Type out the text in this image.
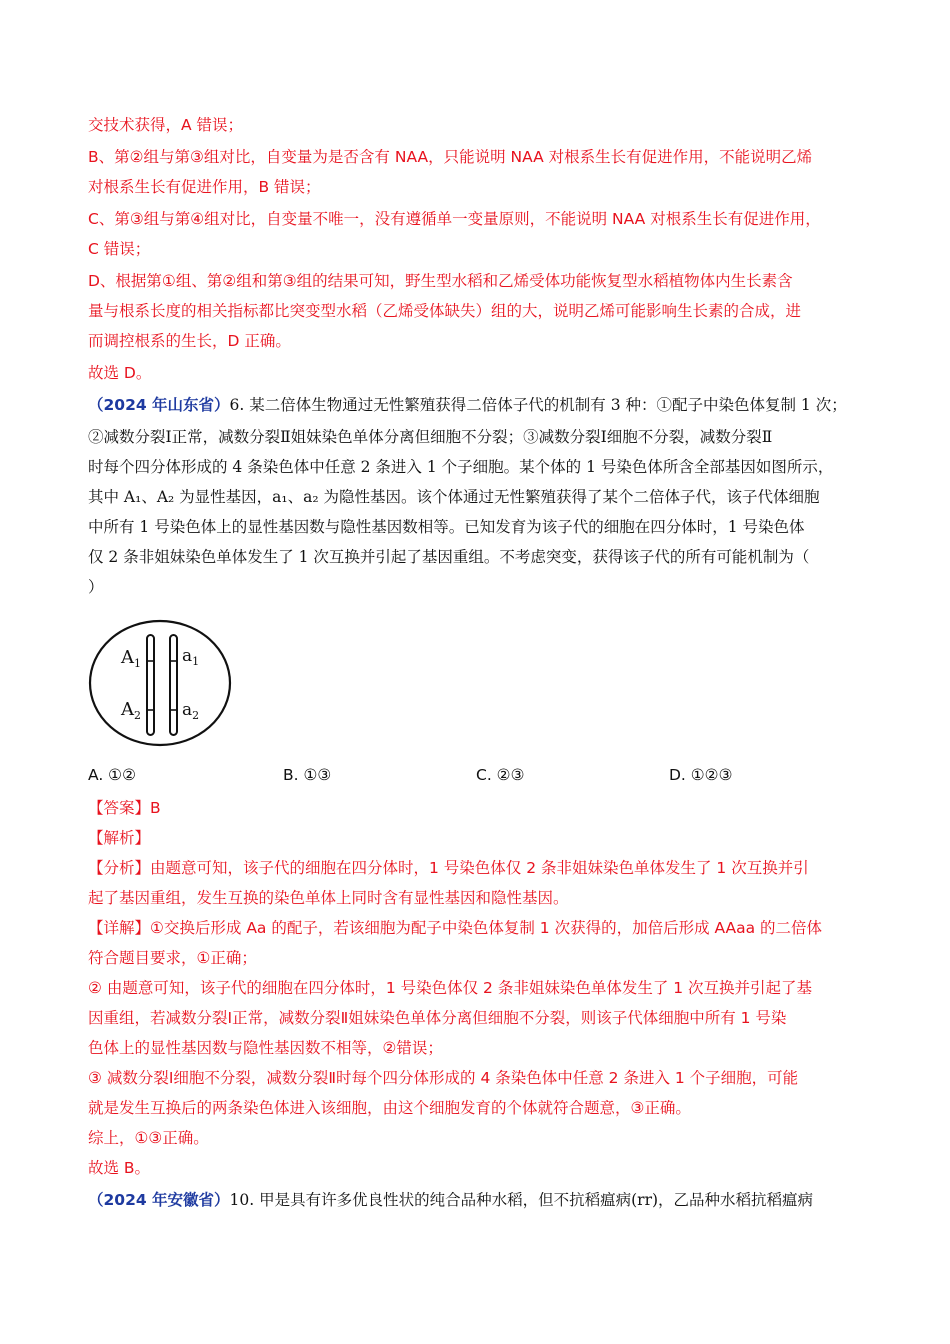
交技术获得，A 错误；
B、第②组与第③组对比，自变量为是否含有 NAA，只能说明 NAA 对根系生长有促进作用，不能说明乙烯
对根系生长有促进作用，B 错误；
C、第③组与第④组对比，自变量不唯一，没有遵循单一变量原则，不能说明 NAA 对根系生长有促进作用，
C 错误；
D、根据第①组、第②组和第③组的结果可知，野生型水稻和乙烯受体功能恢复型水稻植物体内生长素含
量与根系长度的相关指标都比突变型水稻（乙烯受体缺失）组的大，说明乙烯可能影响生长素的合成，进
而调控根系的生长，D 正确。
故选 D。
（2024 年山东省）6. 某二倍体生物通过无性繁殖获得二倍体子代的机制有 3 种：①配子中染色体复制 1 次；
②减数分裂Ⅰ正常，减数分裂Ⅱ姐妹染色单体分离但细胞不分裂；③减数分裂Ⅰ细胞不分裂，减数分裂Ⅱ
时每个四分体形成的 4 条染色体中任意 2 条进入 1 个子细胞。某个体的 1 号染色体所含全部基因如图所示，
其中 A₁、A₂ 为显性基因，a₁、a₂ 为隐性基因。该个体通过无性繁殖获得了某个二倍体子代，该子代体细胞
中所有 1 号染色体上的显性基因数与隐性基因数相等。已知发育为该子代的细胞在四分体时，1 号染色体
仅 2 条非姐妹染色单体发生了 1 次互换并引起了基因重组。不考虑突变，获得该子代的所有可能机制为（
）
$A_1$
$A_2$
$a_1$
$a_2$
A. ①②	B. ①③	C. ②③	D. ①②③
【答案】B
【解析】
【分析】由题意可知，该子代的细胞在四分体时，1 号染色体仅 2 条非姐妹染色单体发生了 1 次互换并引
起了基因重组，发生互换的染色单体上同时含有显性基因和隐性基因。
【详解】①交换后形成 Aa 的配子，若该细胞为配子中染色体复制 1 次获得的，加倍后形成 AAaa 的二倍体
符合题目要求，①正确；
② 由题意可知，该子代的细胞在四分体时，1 号染色体仅 2 条非姐妹染色单体发生了 1 次互换并引起了基
因重组，若减数分裂Ⅰ正常，减数分裂Ⅱ姐妹染色单体分离但细胞不分裂，则该子代体细胞中所有 1 号染
色体上的显性基因数与隐性基因数不相等，②错误；
③ 减数分裂Ⅰ细胞不分裂，减数分裂Ⅱ时每个四分体形成的 4 条染色体中任意 2 条进入 1 个子细胞，可能
就是发生互换后的两条染色体进入该细胞，由这个细胞发育的个体就符合题意，③正确。
综上，①③正确。
故选 B。
（2024 年安徽省）10. 甲是具有许多优良性状的纯合品种水稻，但不抗稻瘟病(rr)，乙品种水稻抗稻瘟病
